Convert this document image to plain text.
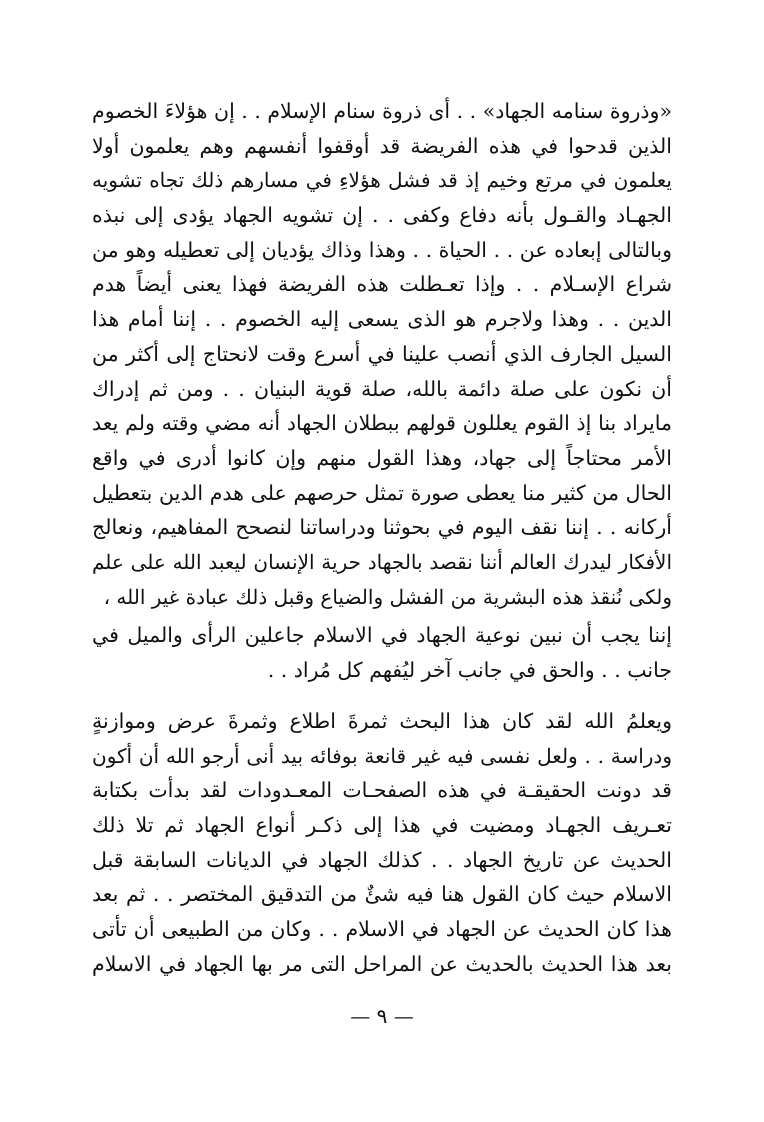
«وذروة سنامه الجهاد» . . أى ذروة سنام الإسلام . . إن هؤلاءَ الخصوم
الذين قدحوا في هذه الفريضة قد أوقفوا أنفسهم وهم يعلمون أولا
يعلمون في مرتع وخيم إذ قد فشل هؤلاءِ في مسارهم ذلك تجاه تشويه
الجهـاد والقـول بأنه دفاع وكفى . . إن تشويه الجهاد يؤدى إلى نبذه
وبالتالى إبعاده عن . . الحياة . . وهذا وذاك يؤديان إلى تعطيله وهو من
شراع الإسـلام . . وإذا تعـطلت هذه الفريضة فهذا يعنى أيضاً هدم
الدين . . وهذا ولاجرم هو الذى يسعى إليه الخصوم . . إننا أمام هذا
السيل الجارف الذي أنصب علينا في أسرع وقت لانحتاج إلى أكثر من
أن نكون على صلة دائمة بالله، صلة قوية البنيان . . ومن ثم إدراك
مايراد بنا إذ القوم يعللون قولهم ببطلان الجهاد أنه مضي وقته ولم يعد
الأمر محتاجاً إلى جهاد، وهذا القول منهم وإن كانوا أدرى في واقع
الحال من كثير منا يعطى صورة تمثل حرصهم على هدم الدين بتعطيل
أركانه . . إننا نقف اليوم في بحوثنا ودراساتنا لنصحح المفاهيم، ونعالج
الأفكار ليدرك العالم أننا نقصد بالجهاد حرية الإنسان ليعبد الله على علم
ولكى نُنقذ هذه البشرية من الفشل والضياع وقبل ذلك عبادة غير الله ،
إننا يجب أن نبين نوعية الجهاد في الاسلام جاعلين الرأى والميل في
جانب . . والحق في جانب آخر ليُفهم كل مُراد . .
ويعلمُ الله لقد كان هذا البحث ثمرةَ اطلاع وثمرةَ عرض وموازنةٍ
ودراسة . . ولعل نفسى فيه غير قانعة بوفائه بيد أنى أرجو الله أن أكون
قد دونت الحقيقـة في هذه الصفحـات المعـدودات لقد بدأت بكتابة
تعـريف الجهـاد ومضيت في هذا إلى ذكـر أنواع الجهاد ثم تلا ذلك
الحديث عن تاريخ الجهاد . . كذلك الجهاد في الديانات السابقة قبل
الاسلام حيث كان القول هنا فيه شئٌ من التدقيق المختصر . . ثم بعد
هذا كان الحديث عن الجهاد في الاسلام . . وكان من الطبيعى أن تأتى
بعد هذا الحديث بالحديث عن المراحل التى مر بها الجهاد في الاسلام
— ٩ —
